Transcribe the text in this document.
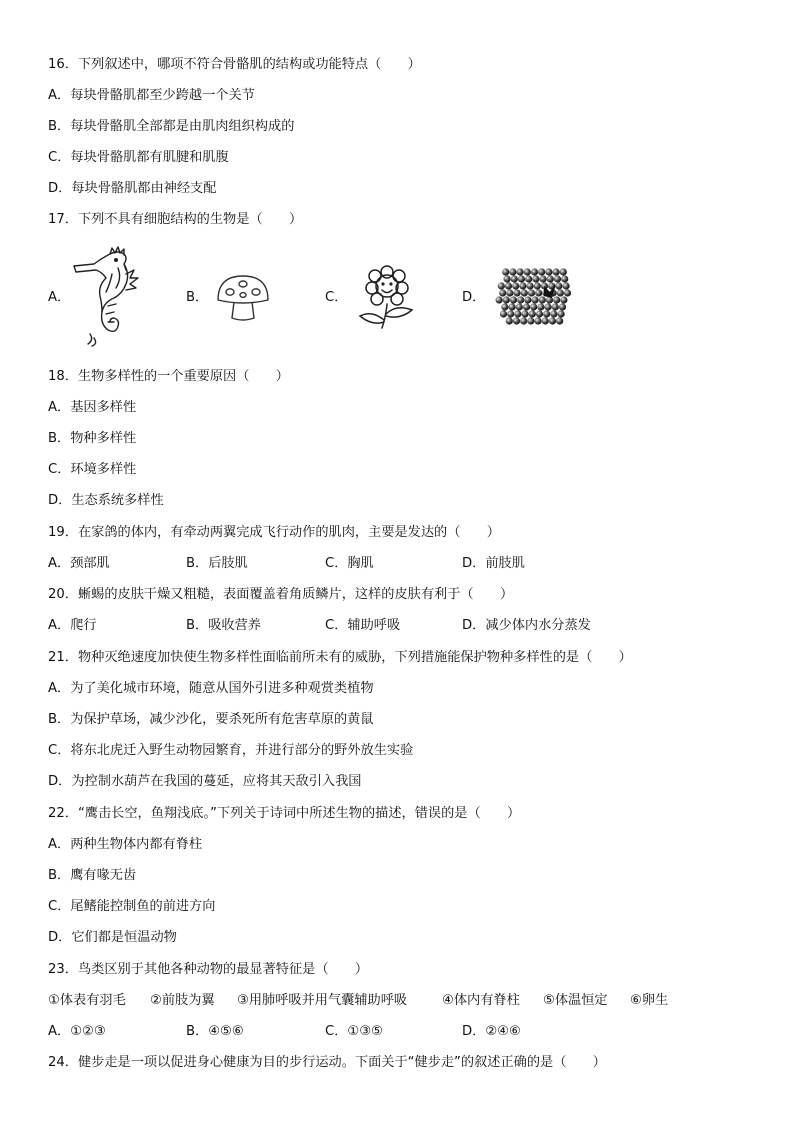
16．下列叙述中，哪项不符合骨骼肌的结构或功能特点（　　）
A．每块骨骼肌都至少跨越一个关节
B．每块骨骼肌全部都是由肌肉组织构成的
C．每块骨骼肌都有肌腱和肌腹
D．每块骨骼肌都由神经支配
17．下列不具有细胞结构的生物是（　　）
A．	B．	C．	D．
18．生物多样性的一个重要原因（　　）
A．基因多样性
B．物种多样性
C．环境多样性
D．生态系统多样性
19．在家鸽的体内，有牵动两翼完成飞行动作的肌肉，主要是发达的（　　）
A．颈部肌	B．后肢肌	C．胸肌	D．前肢肌
20．蜥蜴的皮肤干燥又粗糙，表面覆盖着角质鳞片，这样的皮肤有利于（　　）
A．爬行	B．吸收营养	C．辅助呼吸	D．减少体内水分蒸发
21．物种灭绝速度加快使生物多样性面临前所未有的威胁，下列措施能保护物种多样性的是（　　）
A．为了美化城市环境，随意从国外引进多种观赏类植物
B．为保护草场，减少沙化，要杀死所有危害草原的黄鼠
C．将东北虎迁入野生动物园繁育，并进行部分的野外放生实验
D．为控制水葫芦在我国的蔓延，应将其天敌引入我国
22．“鹰击长空，鱼翔浅底。”下列关于诗词中所述生物的描述，错误的是（　　）
A．两种生物体内都有脊柱
B．鹰有喙无齿
C．尾鳍能控制鱼的前进方向
D．它们都是恒温动物
23．鸟类区别于其他各种动物的最显著特征是（　　）
①体表有羽毛 ②前肢为翼 ③用肺呼吸并用气囊辅助呼吸	④体内有脊柱 ⑤体温恒定 ⑥卵生
A．①②③	B．④⑤⑥	C．①③⑤	D．②④⑥
24．健步走是一项以促进身心健康为目的步行运动。下面关于“健步走”的叙述正确的是（　　）
